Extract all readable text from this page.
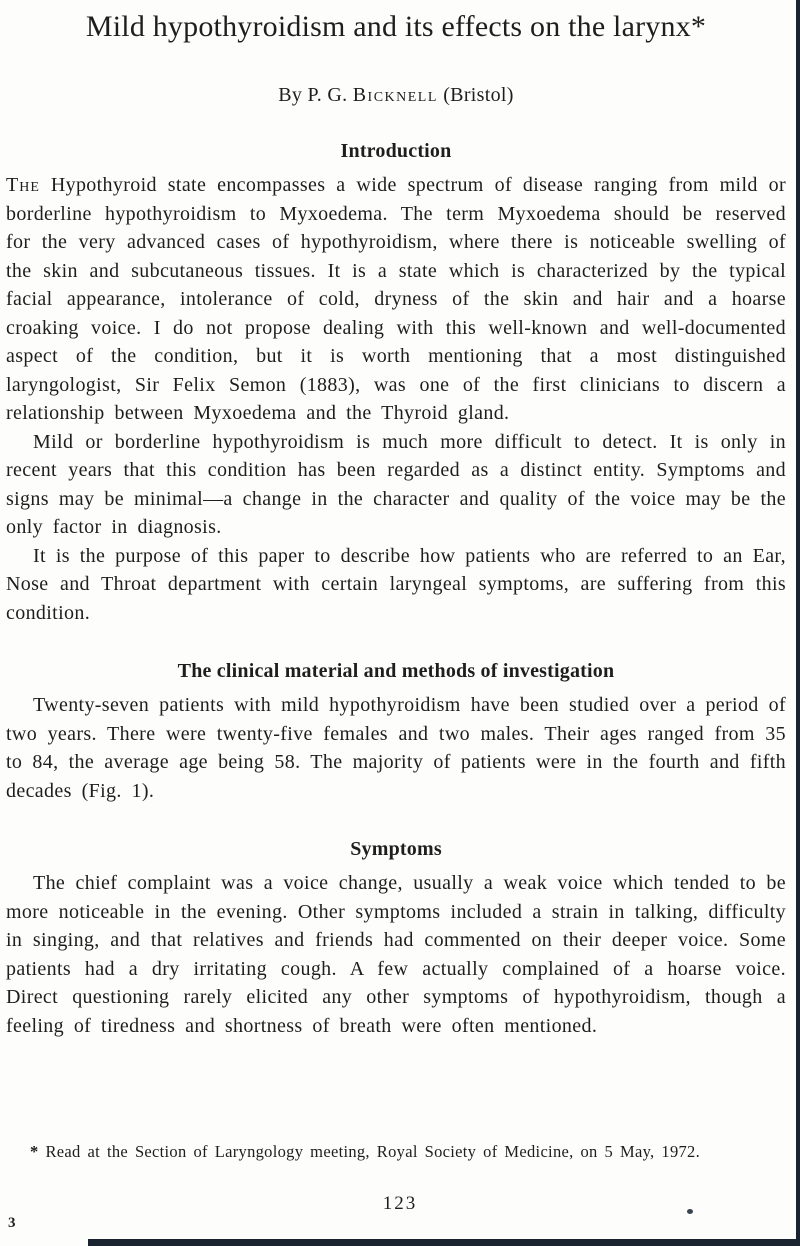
Mild hypothyroidism and its effects on the larynx*
By P. G. Bicknell (Bristol)
Introduction

The Hypothyroid state encompasses a wide spectrum of disease ranging from mild or borderline hypothyroidism to Myxoedema. The term Myxoedema should be reserved for the very advanced cases of hypothyroidism, where there is noticeable swelling of the skin and subcutaneous tissues. It is a state which is characterized by the typical facial appearance, intolerance of cold, dryness of the skin and hair and a hoarse croaking voice. I do not propose dealing with this well-known and well-documented aspect of the condition, but it is worth mentioning that a most distinguished laryngologist, Sir Felix Semon (1883), was one of the first clinicians to discern a relationship between Myxoedema and the Thyroid gland.

Mild or borderline hypothyroidism is much more difficult to detect. It is only in recent years that this condition has been regarded as a distinct entity. Symptoms and signs may be minimal—a change in the character and quality of the voice may be the only factor in diagnosis.

It is the purpose of this paper to describe how patients who are referred to an Ear, Nose and Throat department with certain laryngeal symptoms, are suffering from this condition.

The clinical material and methods of investigation

Twenty-seven patients with mild hypothyroidism have been studied over a period of two years. There were twenty-five females and two males. Their ages ranged from 35 to 84, the average age being 58. The majority of patients were in the fourth and fifth decades (Fig. 1).

Symptoms

The chief complaint was a voice change, usually a weak voice which tended to be more noticeable in the evening. Other symptoms included a strain in talking, difficulty in singing, and that relatives and friends had commented on their deeper voice. Some patients had a dry irritating cough. A few actually complained of a hoarse voice. Direct questioning rarely elicited any other symptoms of hypothyroidism, though a feeling of tiredness and shortness of breath were often mentioned.

* Read at the Section of Laryngology meeting, Royal Society of Medicine, on 5 May, 1972.
123
3
